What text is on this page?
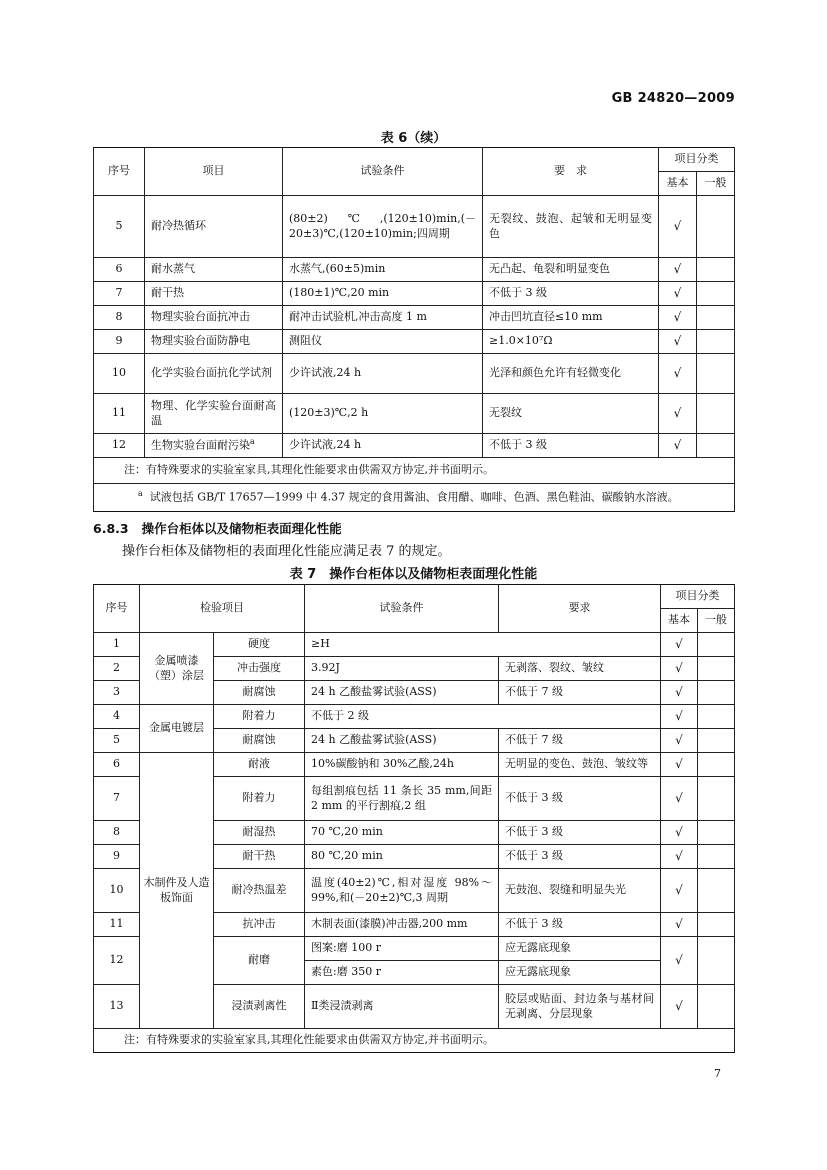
GB 24820—2009
表 6（续）
序号	项目	试验条件	要　求	项目分类	
				基本	一般
5	耐冷热循环	(80±2)℃,(120±10)min,(－20±3)℃,(120±10)min;四周期	无裂纹、鼓泡、起皱和无明显变色	√	
6	耐水蒸气	水蒸气,(60±5)min	无凸起、龟裂和明显变色	√	
7	耐干热	(180±1)℃,20 min	不低于 3 级	√	
8	物理实验台面抗冲击	耐冲击试验机,冲击高度 1 m	冲击凹坑直径≤10 mm	√	
9	物理实验台面防静电	测阻仪	≥1.0×10⁷Ω	√	
10	化学实验台面抗化学试剂	少许试液,24 h	光泽和颜色允许有轻微变化	√	
11	物理、化学实验台面耐高温	(120±3)℃,2 h	无裂纹	√	
12	生物实验台面耐污染$^a$	少许试液,24 h	不低于 3 级	√	
注：有特殊要求的实验室家具,其理化性能要求由供需双方协定,并书面明示。					
$^a$ 试液包括 GB/T 17657—1999 中 4.37 规定的食用酱油、食用醋、咖啡、色酒、黑色鞋油、碳酸钠水溶液。					
6.8.3 操作台柜体以及储物柜表面理化性能
操作台柜体及储物柜的表面理化性能应满足表 7 的规定。
表 7　操作台柜体以及储物柜表面理化性能
序号	检验项目		试验条件	要求	项目分类	
					基本	一般
1	金属喷漆（塑）涂层	硬度	≥H		√	
2		冲击强度	3.92J	无剥落、裂纹、皱纹	√	
3		耐腐蚀	24 h 乙酸盐雾试验(ASS)	不低于 7 级	√	
4	金属电镀层	附着力	不低于 2 级		√	
5		耐腐蚀	24 h 乙酸盐雾试验(ASS)	不低于 7 级	√	
6	木制件及人造板饰面	耐液	10%碳酸钠和 30%乙酸,24h	无明显的变色、鼓泡、皱纹等	√	
7		附着力	每组割痕包括 11 条长 35 mm,间距 2 mm 的平行割痕,2 组	不低于 3 级	√	
8		耐湿热	70 ℃,20 min	不低于 3 级	√	
9		耐干热	80 ℃,20 min	不低于 3 级	√	
10		耐冷热温差	温度(40±2)℃,相对湿度 98%～99%,和(－20±2)℃,3 周期	无鼓泡、裂缝和明显失光	√	
11		抗冲击	木制表面(漆膜)冲击器,200 mm	不低于 3 级	√	
12		耐磨	图案:磨 100 r	应无露底现象	√	
			素色:磨 350 r	应无露底现象		
13		浸渍剥离性	Ⅱ类浸渍剥离	胶层或贴面、封边条与基材间无剥离、分层现象	√	
注：有特殊要求的实验室家具,其理化性能要求由供需双方协定,并书面明示。						
7
